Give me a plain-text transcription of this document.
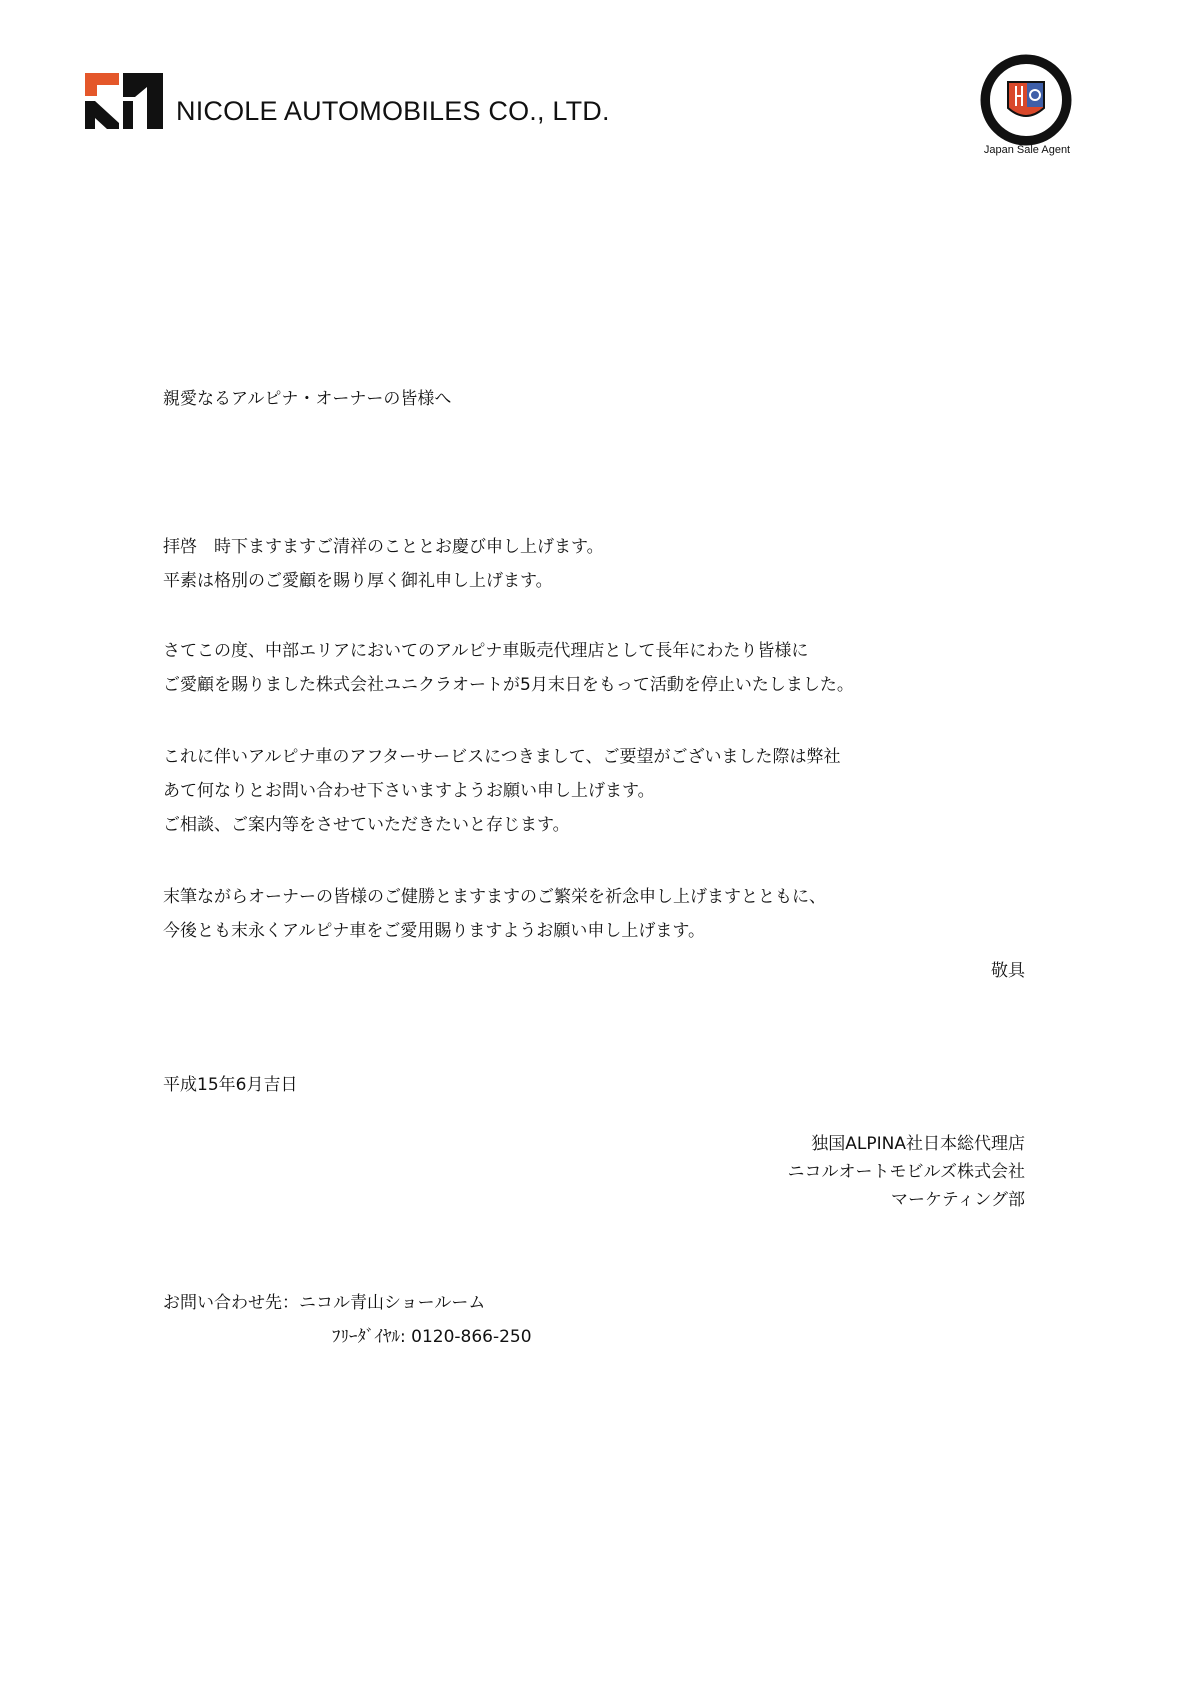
NICOLE AUTOMOBILES CO., LTD.
Japan Sale Agent
親愛なるアルピナ・オーナーの皆様へ
拝啓　時下ますますご清祥のこととお慶び申し上げます。
平素は格別のご愛顧を賜り厚く御礼申し上げます。
さてこの度、中部エリアにおいてのアルピナ車販売代理店として長年にわたり皆様に
ご愛顧を賜りました株式会社ユニクラオートが5月末日をもって活動を停止いたしました。
これに伴いアルピナ車のアフターサービスにつきまして、ご要望がございました際は弊社
あて何なりとお問い合わせ下さいますようお願い申し上げます。
ご相談、ご案内等をさせていただきたいと存じます。
末筆ながらオーナーの皆様のご健勝とますますのご繁栄を祈念申し上げますとともに、
今後とも末永くアルピナ車をご愛用賜りますようお願い申し上げます。
敬具
平成15年6月吉日
独国ALPINA社日本総代理店
ニコルオートモビルズ株式会社
マーケティング部
お問い合わせ先：ニコル青山ショールーム
ﾌﾘｰﾀﾞｲﾔﾙ: 0120-866-250
